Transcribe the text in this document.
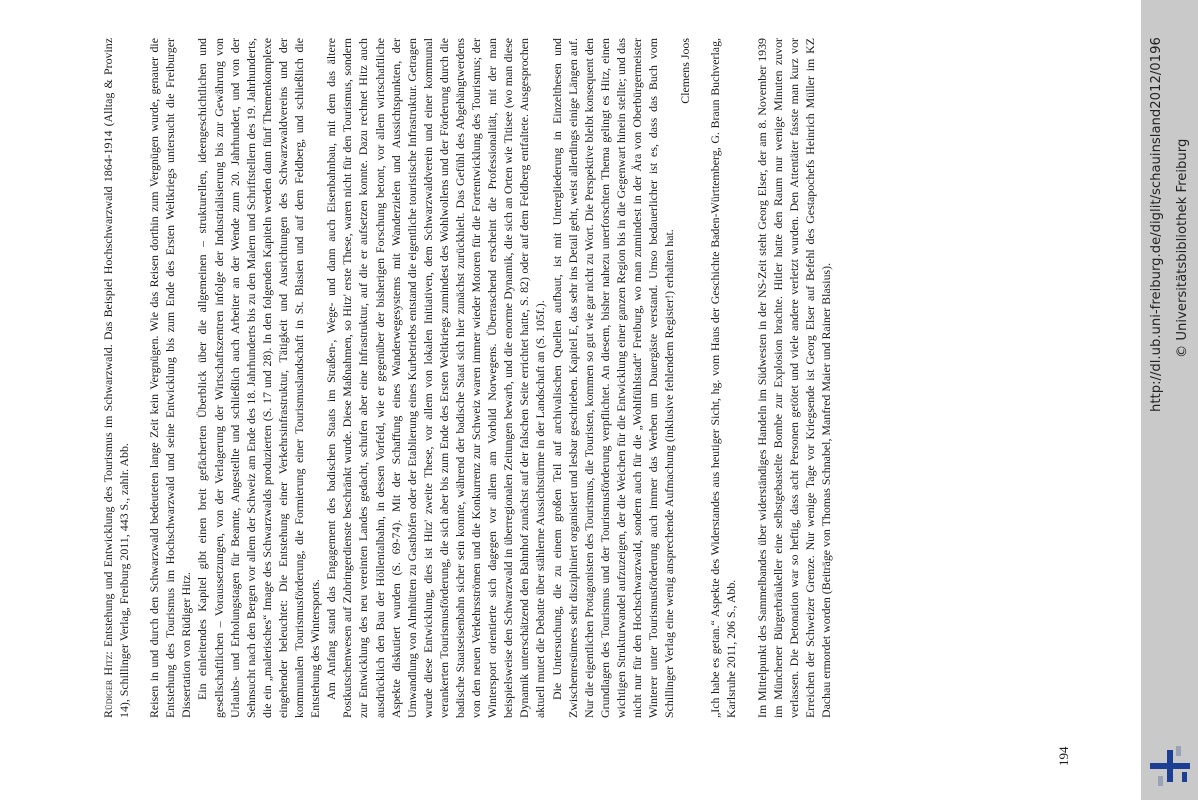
Rüdiger Hitz: Entstehung und Entwicklung des Tourismus im Schwarzwald. Das Beispiel Hochschwarzwald 1864-1914 (Alltag & Provinz 14), Schillinger Verlag, Freiburg 2011, 443 S., zahlr. Abb. Reisen in und durch den Schwarzwald bedeuteten lange Zeit kein Vergnügen. Wie das Reisen dorthin zum Vergnügen wurde, genauer die Entstehung des Tourismus im Hochschwarzwald und seine Entwicklung bis zum Ende des Ersten Weltkriegs untersucht die Freiburger Dissertation von Rüdiger Hitz. Ein einleitendes Kapitel gibt einen breit gefächerten Überblick über die allgemeinen – strukturellen, ideengeschichtlichen und gesellschaftlichen – Voraussetzungen, von der Verlagerung der Wirtschaftszentren infolge der Industrialisierung bis zur Gewährung von Urlaubs- und Erholungstagen für Beamte, Angestellte und schließlich auch Arbeiter an der Wende zum 20. Jahrhundert, und von der Sehnsucht nach den Bergen vor allem der Schweiz am Ende des 18. Jahrhunderts bis zu den Malern und Schriftstellern des 19. Jahrhunderts, die ein „malerisches“ Image des Schwarzwalds produzierten (S. 17 und 28). In den folgenden Kapiteln werden dann fünf Themenkomplexe eingehender beleuchtet: Die Entstehung einer Verkehrsinfrastruktur, Tätigkeit und Ausrichtungen des Schwarzwaldvereins und der kommunalen Tourismusförderung, die Formierung einer Tourismuslandschaft in St. Blasien und auf dem Feldberg, und schließlich die Entstehung des Wintersports. Am Anfang stand das Engagement des badischen Staats im Straßen-, Wege- und dann auch Eisenbahnbau, mit dem das ältere Postkutschenwesen auf Zubringerdienste beschränkt wurde. Diese Maßnahmen, so Hitz' erste These, waren nicht für den Tourismus, sondern zur Entwicklung des neu vereinten Landes gedacht, schufen aber eine Infrastruktur, auf die er aufsetzen konnte. Dazu rechnet Hitz auch ausdrücklich den Bau der Höllentalbahn, in dessen Vorfeld, wie er gegenüber der bisherigen Forschung betont, vor allem wirtschaftliche Aspekte diskutiert wurden (S. 69-74). Mit der Schaffung eines Wanderwegesystems mit Wanderzielen und Aussichtspunkten, der Umwandlung von Almhütten zu Gasthöfen oder der Etablierung eines Kurbetriebs entstand die eigentliche touristische Infrastruktur. Getragen wurde diese Entwicklung, dies ist Hitz' zweite These, vor allem von lokalen Initiativen, dem Schwarzwaldverein und einer kommunal verankerten Tourismusförderung, die sich aber bis zum Ende des Ersten Weltkriegs zumindest des Wohlwollens und der Förderung durch die badische Staatseisenbahn sicher sein konnte, während der badische Staat sich hier zunächst zurückhielt. Das Gefühl des Abgehängtwerdens von den neuen Verkehrsströmen und die Konkurrenz zur Schweiz waren immer wieder Motoren für die Fortentwicklung des Tourismus; der Wintersport orientierte sich dagegen vor allem am Vorbild Norwegens. Überraschend erscheint die Professionalität, mit der man beispielsweise den Schwarzwald in überregionalen Zeitungen bewarb, und die enorme Dynamik, die sich an Orten wie Titisee (wo man diese Dynamik unterschätzend den Bahnhof zunächst auf der falschen Seite errichtet hatte, S. 82) oder auf dem Feldberg entfaltete. Ausgesprochen aktuell mutet die Debatte über stählerne Aussichtstürme in der Landschaft an (S. 105f.). Die Untersuchung, die zu einem großen Teil auf archivalischen Quellen aufbaut, ist mit Untergliederung in Einzelthesen und Zwischenresümees sehr diszipliniert organisiert und lesbar geschrieben. Kapitel E, das sehr ins Detail geht, weist allerdings einige Längen auf. Nur die eigentlichen Protagonisten des Tourismus, die Touristen, kommen so gut wie gar nicht zu Wort. Die Perspektive bleibt konsequent den Grundlagen des Tourismus und der Tourismusförderung verpflichtet. An diesem, bisher nahezu unerforschten Thema gelingt es Hitz, einen wichtigen Strukturwandel aufzuzeigen, der die Weichen für die Entwicklung einer ganzen Region bis in die Gegenwart hinein stellte; und das nicht nur für den Hochschwarzwald, sondern auch für die „Wohlfühlstadt“ Freiburg, wo man zumindest in der Ära von Oberbürgermeister Winterer unter Tourismusförderung auch immer das Werben um Dauergäste verstand. Umso bedauerlicher ist es, dass das Buch vom Schillinger Verlag eine wenig ansprechende Aufmachung (inklusive fehlendem Register!) erhalten hat.

Clemens Joos „Ich habe es getan.“ Aspekte des Widerstandes aus heutiger Sicht, hg. vom Haus der Geschichte Baden-Württemberg, G. Braun Buchverlag, Karlsruhe 2011, 206 S., Abb. Im Mittelpunkt des Sammelbandes über widerständiges Handeln im Südwesten in der NS-Zeit steht Georg Elser, der am 8. November 1939 im Münchener Bürgerbräukeller eine selbstgebastelte Bombe zur Explosion brachte. Hitler hatte den Raum nur wenige Minuten zuvor verlassen. Die Detonation war so heftig, dass acht Personen getötet und viele andere verletzt wurden. Den Attentäter fasste man kurz vor Erreichen der Schweizer Grenze. Nur wenige Tage vor Kriegsende ist Georg Elser auf Befehl des Gestapochefs Heinrich Müller im KZ Dachau ermordet worden (Beiträge von Thomas Schnabel, Manfred Maier und Rainer Blasius).

194
http://dl.ub.uni-freiburg.de/diglit/schauinsland2012/0196 © Universitätsbibliothek Freiburg
